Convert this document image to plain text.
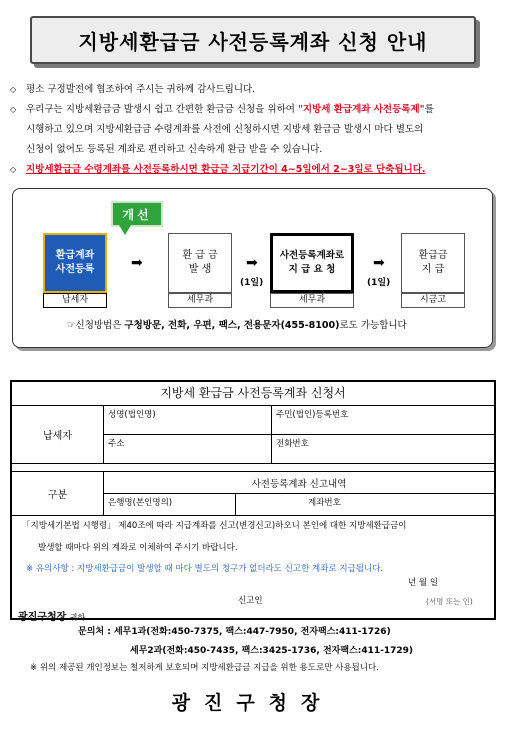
지방세환급금 사전등록계좌 신청 안내
◇	평소 구정발전에 협조하여 주시는 귀하께 감사드립니다.
◇	우리구는 지방세환급금 발생시 쉽고 간편한 환급금 신청을 위하여 "지방세 환급계좌 사전등록제"를
시행하고 있으며 지방세환급금 수령계좌를 사전에 신청하시면 지방세 환급금 발생시 마다 별도의
신청이 없어도 등록된 계좌로 편리하고 신속하게 환급 받을 수 있습니다.
◇	지방세환급금 수령계좌를 사전등록하시면 환급금 지급기간이 4~5일에서 2~3일로 단축됩니다.
개선
환급계좌
사전등록
납세자
➡	환 급 금
발 생
세무과
➡
(1일)
사전등록계좌로
지 급 요 청
세무과
➡
(1일)
환급금
지 급
시금고
☞신청방법은 구청방문, 전화, 우편, 팩스, 전용문자(455-8100)로도 가능합니다
지방세 환급금 사전등록계좌 신청서
납세자
성명(법인명)	주민(법인)등록번호
주소	전화번호
구분
사전등록계좌 신고내역
은행명(본인명의)	계좌번호
「지방세기본법 시행령」 제40조에 따라 지급계좌를 신고(변경신고)하오니 본인에 대한 지방세환급금이
발생할 때마다 위의 계좌로 이체하여 주시기 바랍니다.
※ 유의사항 : 지방세환급금이 발생할 때 마다 별도의 청구가 없더라도 신고한 계좌로 지급됩니다.
년 월 일
신고인	(서명 또는 인)
광진구청장 귀하
문의처 : 세무1과(전화:450-7375, 팩스:447-7950, 전자팩스:411-1726)
세무2과(전화:450-7435, 팩스:3425-1736, 전자팩스:411-1729)
※ 위의 제공된 개인정보는 철저하게 보호되며 지방세환급금 지급을 위한 용도로만 사용됩니다.
광진구청장
